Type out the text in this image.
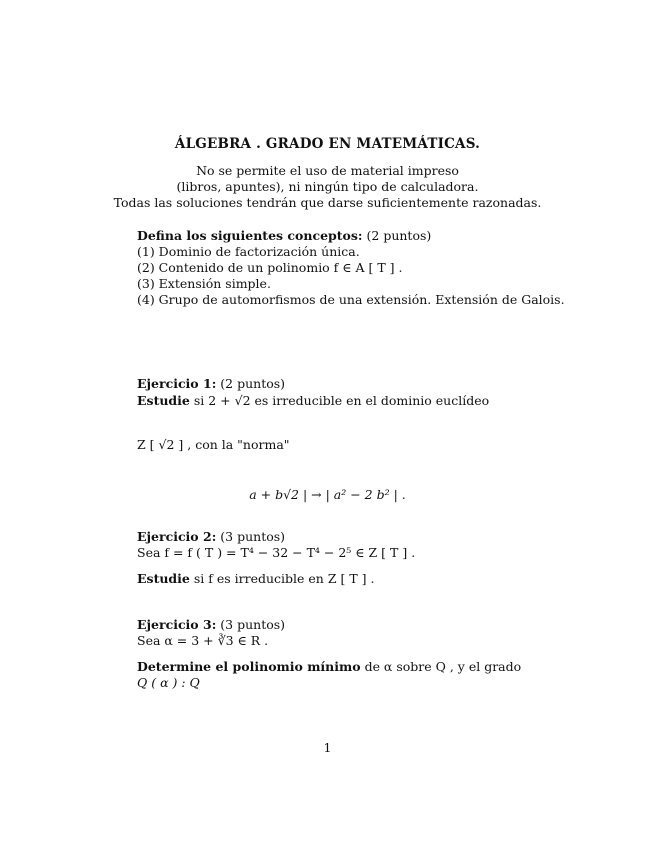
ÁLGEBRA . GRADO EN MATEMÁTICAS.
No se permite el uso de material impreso
(libros, apuntes), ni ningún tipo de calculadora.
Todas las soluciones tendrán que darse suficientemente razonadas.
Defina los siguientes conceptos: (2 puntos)
(1) Dominio de factorización única.
(2) Contenido de un polinomio f ∈ A [ T ] .
(3) Extensión simple.
(4) Grupo de automorfismos de una extensión. Extensión de Galois.
Ejercicio 1: (2 puntos)
Estudie si 2 + √2 es irreducible en el dominio euclídeo
Z [ √2 ] , con la "norma"
a + b√2 | → | a² − 2 b² | .
Ejercicio 2: (3 puntos)
Sea f = f ( T ) = T⁴ − 32 − T⁴ − 2⁵ ∈ Z [ T ] .
Estudie si f es irreducible en Z [ T ] .
Ejercicio 3: (3 puntos)
Sea α = 3 + ∛3 ∈ R .
Determine el polinomio mínimo de α sobre Q , y el grado
Q ( α ) : Q
1
